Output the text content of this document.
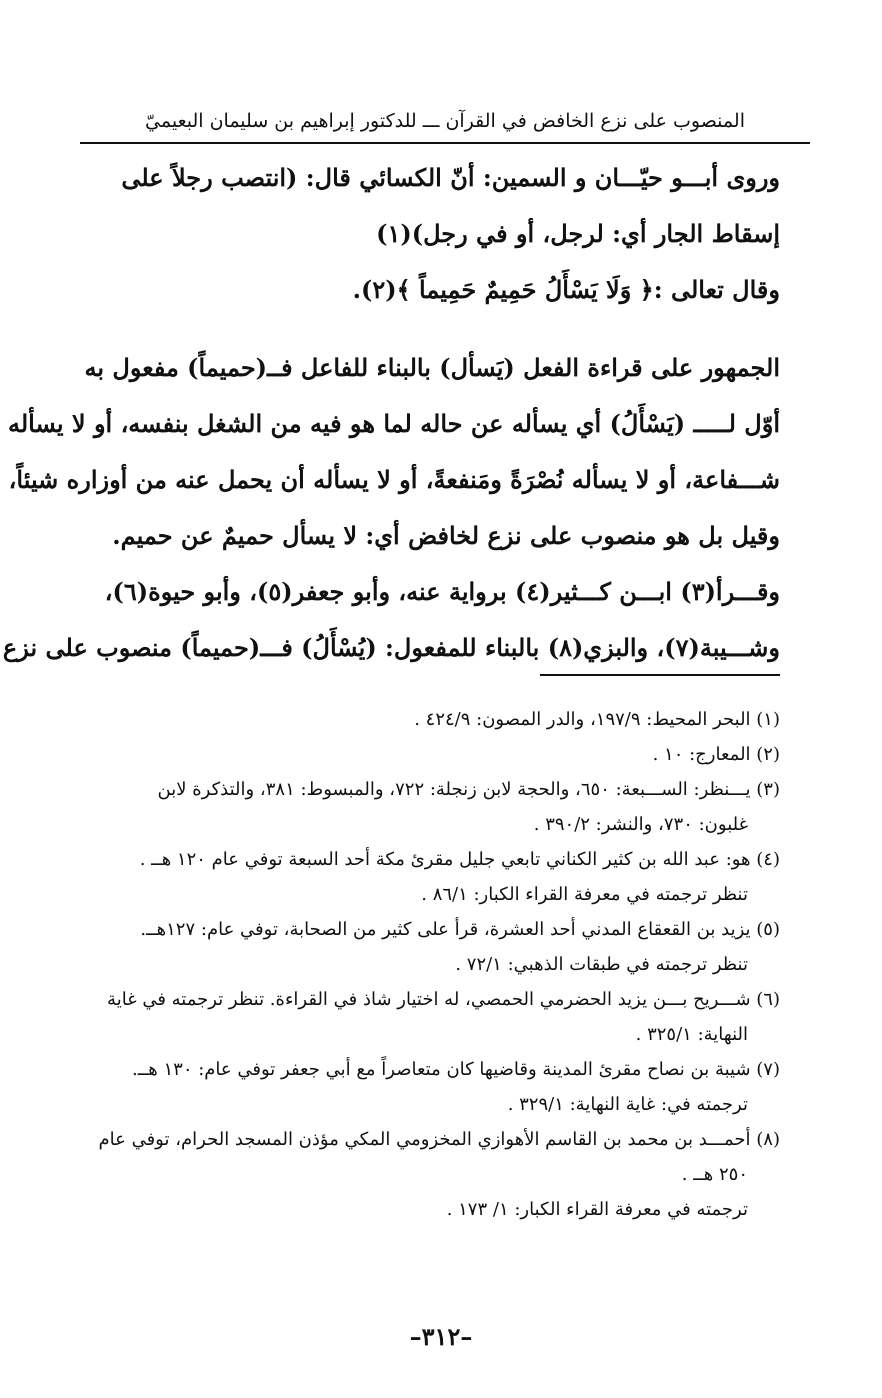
المنصوب على نزع الخافض في القرآن ـــ للدكتور إبراهيم بن سليمان البعيميّ

وروى أبـــو حيّـــان و السمين: أنّ الكسائي قال: (انتصب رجلاً على

إسقاط الجار أي: لرجل، أو في رجل)(١)

وقال تعالى :﴿ وَلَا يَسْأَلُ حَمِيمٌ حَمِيماً ﴾(٢).

الجمهور على قراءة الفعل (يَسأل) بالبناء للفاعل فــ(حميماً) مفعول به

أوّل لـــــ (يَسْأَلُ) أي يسأله عن حاله لما هو فيه من الشغل بنفسه، أو لا يسأله

شـــفاعة، أو لا يسأله نُصْرَةً ومَنفعةً، أو لا يسأله أن يحمل عنه من أوزاره شيئاً،

وقيل بل هو منصوب على نزع لخافض أي: لا يسأل حميمٌ عن حميم.

وقـــرأ(٣) ابـــن كـــثير(٤) برواية عنه، وأبو جعفر(٥)، وأبو حيوة(٦)،

وشـــيبة(٧)، والبزي(٨) بالبناء للمفعول: (يُسْأَلُ) فـــ(حميماً) منصوب على نزع

(١) البحر المحيط: ١٩٧/٩، والدر المصون: ٤٢٤/٩ .
(٢) المعارج: ١٠ .
(٣) يـــنظر: الســـبعة: ٦٥٠، والحجة لابن زنجلة: ٧٢٢، والمبسوط: ٣٨١، والتذكرة لابن
غلبون: ٧٣٠، والنشر: ٣٩٠/٢ .
(٤) هو: عبد الله بن كثير الكناني تابعي جليل مقرئ مكة أحد السبعة توفي عام ١٢٠ هــ .
تنظر ترجمته في معرفة القراء الكبار: ٨٦/١ .
(٥) يزيد بن القعقاع المدني أحد العشرة، قرأ على كثير من الصحابة، توفي عام: ١٢٧هــ.
تنظر ترجمته في طبقات الذهبي: ٧٢/١ .
(٦) شـــريح بـــن يزيد الحضرمي الحمصي، له اختيار شاذ في القراءة. تنظر ترجمته في غاية
النهاية: ٣٢٥/١ .
(٧) شيبة بن نصاح مقرئ المدينة وقاضيها كان متعاصراً مع أبي جعفر توفي عام: ١٣٠ هــ.
ترجمته في: غاية النهاية: ٣٢٩/١ .
(٨) أحمـــد بن محمد بن القاسم الأهوازي المخزومي المكي مؤذن المسجد الحرام، توفي عام
٢٥٠ هــ .
ترجمته في معرفة القراء الكبار: ١/ ١٧٣ .
–٣١٢–
